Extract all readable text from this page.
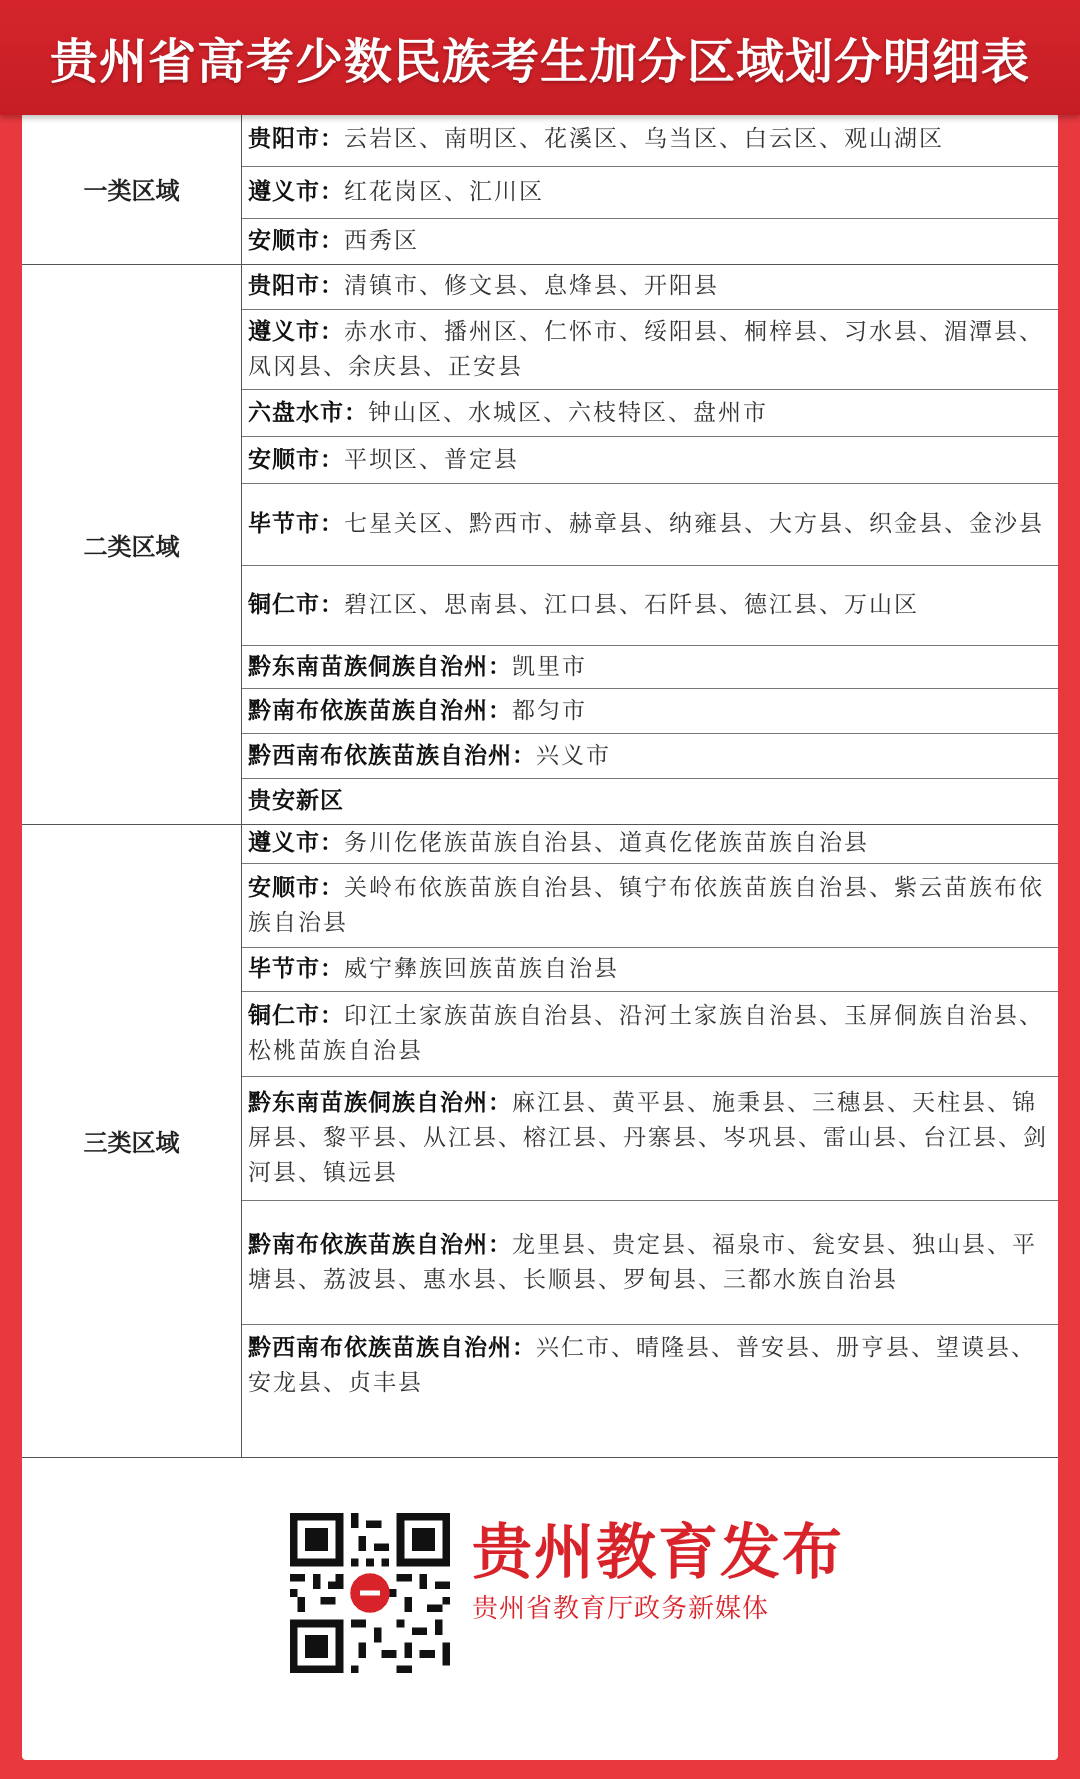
贵州省高考少数民族考生加分区域划分明细表
一类区域
贵阳市：云岩区、南明区、花溪区、乌当区、白云区、观山湖区
遵义市：红花岗区、汇川区
安顺市：西秀区
二类区域
贵阳市：清镇市、修文县、息烽县、开阳县
遵义市：赤水市、播州区、仁怀市、绥阳县、桐梓县、习水县、湄潭县、凤冈县、余庆县、正安县
六盘水市：钟山区、水城区、六枝特区、盘州市
安顺市：平坝区、普定县
毕节市：七星关区、黔西市、赫章县、纳雍县、大方县、织金县、金沙县
铜仁市：碧江区、思南县、江口县、石阡县、德江县、万山区
黔东南苗族侗族自治州：凯里市
黔南布依族苗族自治州：都匀市
黔西南布依族苗族自治州：兴义市
贵安新区
三类区域
遵义市：务川仡佬族苗族自治县、道真仡佬族苗族自治县
安顺市：关岭布依族苗族自治县、镇宁布依族苗族自治县、紫云苗族布依族自治县
毕节市：威宁彝族回族苗族自治县
铜仁市：印江土家族苗族自治县、沿河土家族自治县、玉屏侗族自治县、松桃苗族自治县
黔东南苗族侗族自治州：麻江县、黄平县、施秉县、三穗县、天柱县、锦屏县、黎平县、从江县、榕江县、丹寨县、岑巩县、雷山县、台江县、剑河县、镇远县
黔南布依族苗族自治州：龙里县、贵定县、福泉市、瓮安县、独山县、平塘县、荔波县、惠水县、长顺县、罗甸县、三都水族自治县
黔西南布依族苗族自治州：兴仁市、晴隆县、普安县、册亨县、望谟县、安龙县、贞丰县
贵州教育发布
贵州省教育厅政务新媒体
